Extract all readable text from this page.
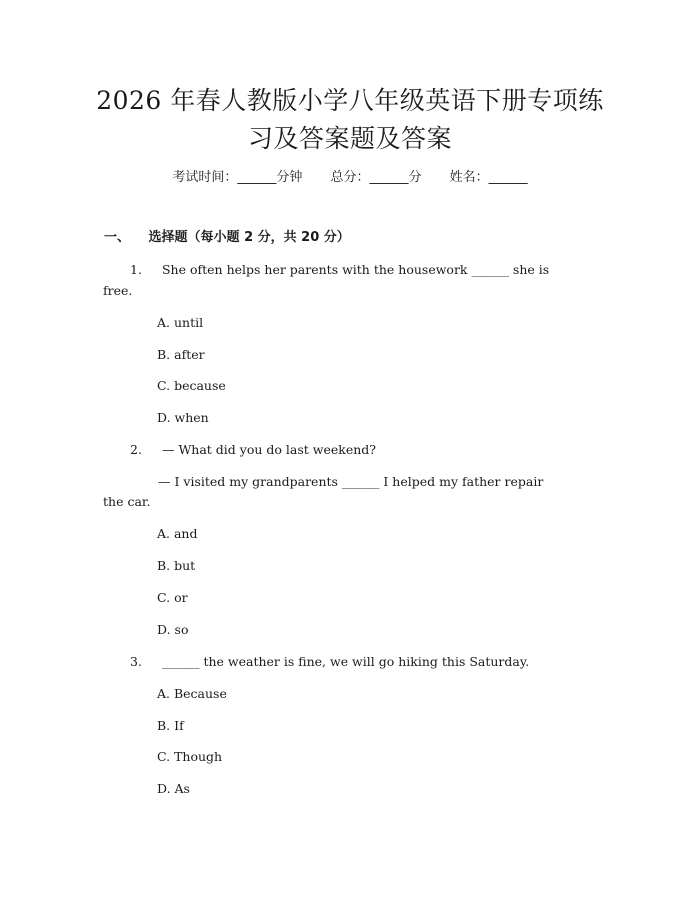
2026 年春人教版小学八年级英语下册专项练
习及答案题及答案
考试时间：______分钟 总分：______分 姓名：______
一、 选择题（每小题 2 分，共 20 分）
1. She often helps her parents with the housework ______ she is
free.
A. until
B. after
C. because
D. when
2. — What did you do last weekend?
— I visited my grandparents ______ I helped my father repair
the car.
A. and
B. but
C. or
D. so
3. ______ the weather is fine, we will go hiking this Saturday.
A. Because
B. If
C. Though
D. As
